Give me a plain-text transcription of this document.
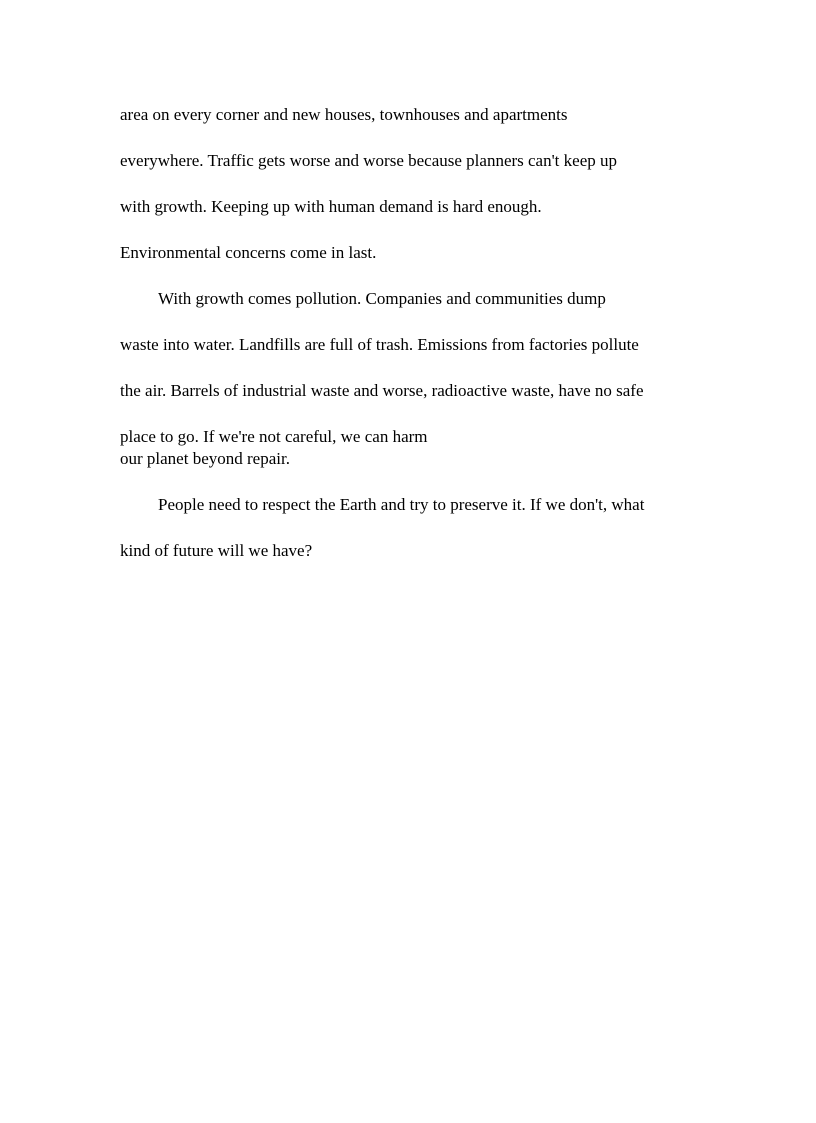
area on every corner and new houses, townhouses and apartments
everywhere. Traffic gets worse and worse because planners can't keep up
with growth. Keeping up with human demand is hard enough.
Environmental concerns come in last.
With growth comes pollution. Companies and communities dump
waste into water. Landfills are full of trash. Emissions from factories pollute
the air. Barrels of industrial waste and worse, radioactive waste, have no safe
place to go. If we're not careful, we can harm
our planet beyond repair.
People need to respect the Earth and try to preserve it. If we don't, what
kind of future will we have?
